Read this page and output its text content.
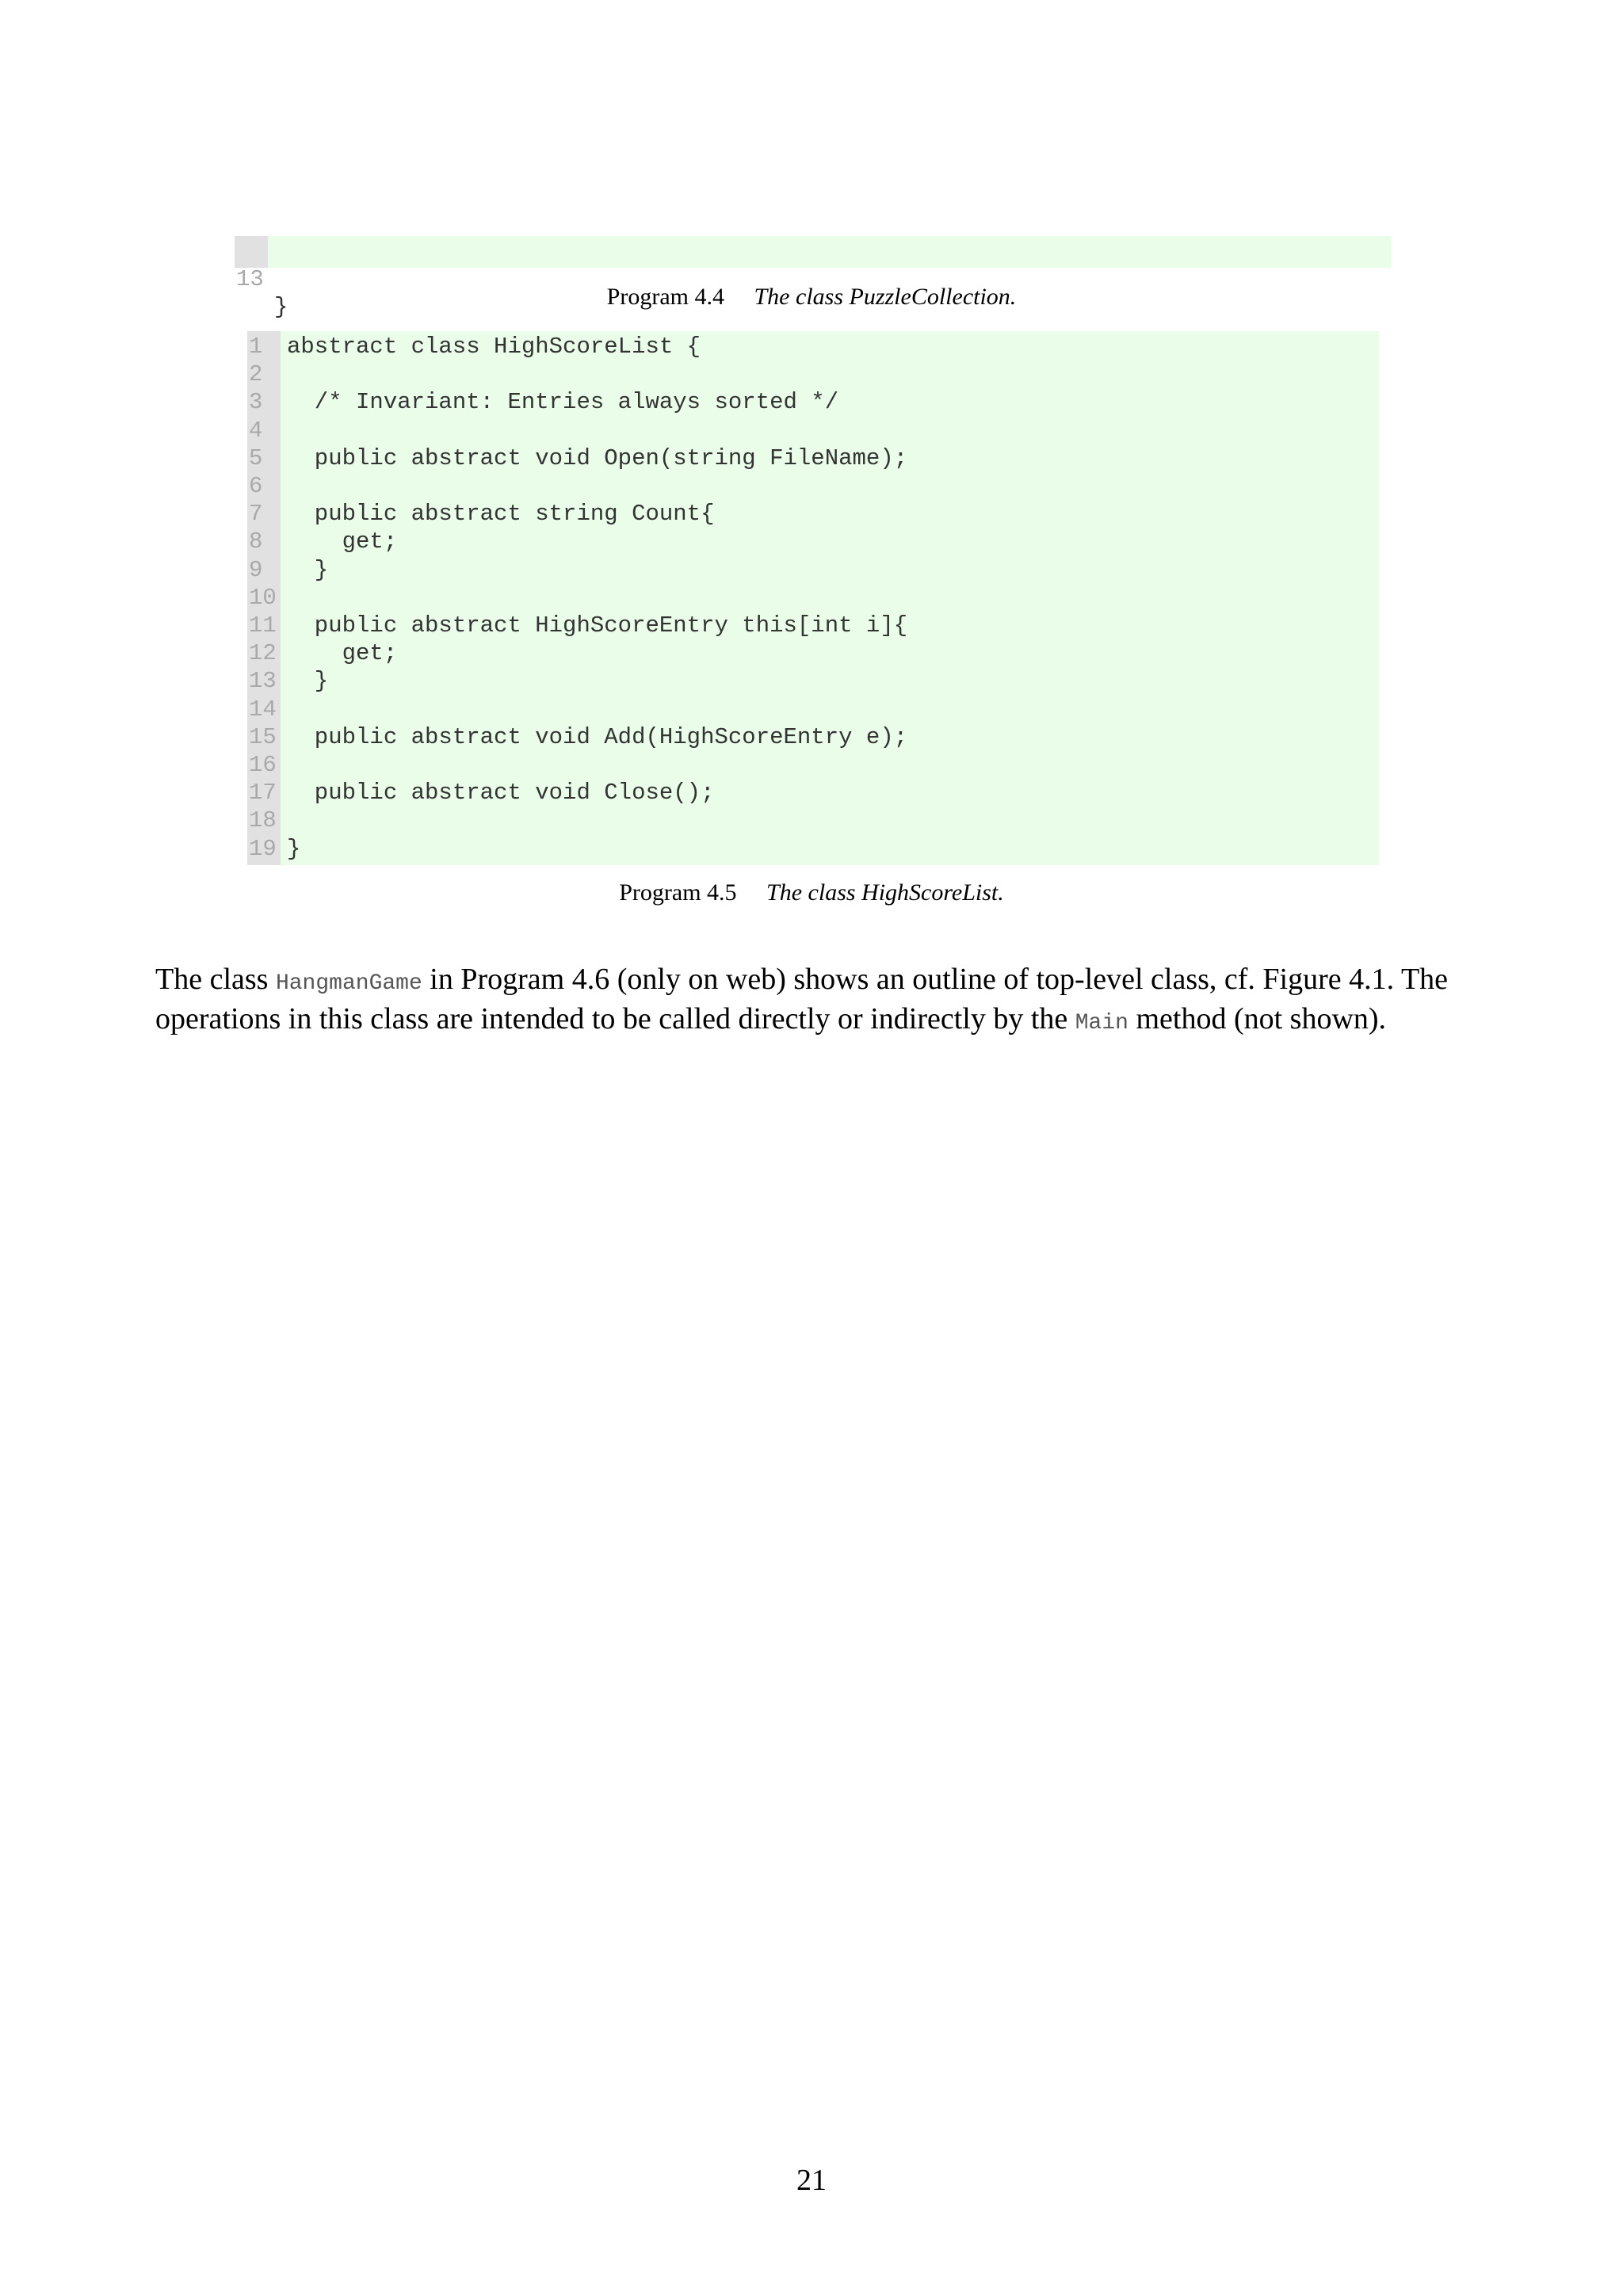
13

}

	Program 4.4 The class PuzzleCollection.
1	abstract class HighScoreList {
2
3	/* Invariant: Entries always sorted */
4
5	public abstract void Open(string FileName);
6
7	public abstract string Count{
8	get;
9	}
10
11 public abstract HighScoreEntry this[int i]{
12 get;
13 }
14
15 public abstract void Add(HighScoreEntry e);
16
17 public abstract void Close();
18
19 }
Program 4.5 The class HighScoreList.
The class HangmanGame in Program 4.6 (only on web) shows an outline of top-level class, cf. Figure 4.1. The
operations in this class are intended to be called directly or indirectly by the Main method (not shown).
21
